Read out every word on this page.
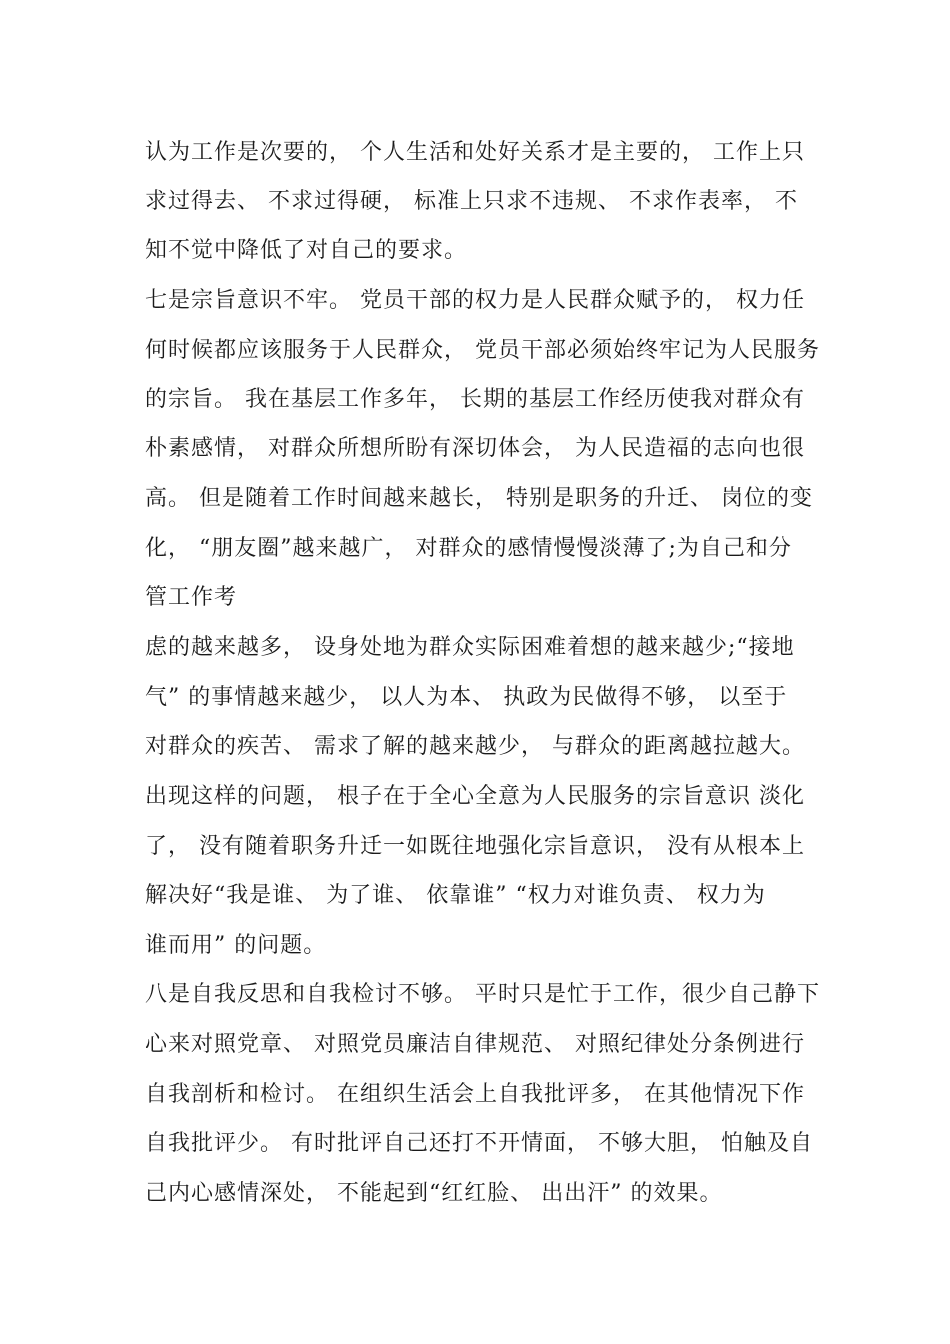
认为工作是次要的， 个人生活和处好关系才是主要的， 工作上只

求过得去、 不求过得硬， 标准上只求不违规、 不求作表率， 不

知不觉中降低了对自己的要求。

七是宗旨意识不牢。 党员干部的权力是人民群众赋予的， 权力任

何时候都应该服务于人民群众， 党员干部必须始终牢记为人民服务

的宗旨。 我在基层工作多年， 长期的基层工作经历使我对群众有

朴素感情， 对群众所想所盼有深切体会， 为人民造福的志向也很

高。 但是随着工作时间越来越长， 特别是职务的升迁、 岗位的变

化， “朋友圈”越来越广， 对群众的感情慢慢淡薄了;为自己和分

管工作考

虑的越来越多， 设身处地为群众实际困难着想的越来越少;“接地

气” 的事情越来越少， 以人为本、 执政为民做得不够， 以至于

对群众的疾苦、 需求了解的越来越少， 与群众的距离越拉越大。

出现这样的问题， 根子在于全心全意为人民服务的宗旨意识 淡化

了， 没有随着职务升迁一如既往地强化宗旨意识， 没有从根本上

解决好“我是谁、 为了谁、 依靠谁” “权力对谁负责、 权力为

谁而用” 的问题。

八是自我反思和自我检讨不够。 平时只是忙于工作，很少自己静下

心来对照党章、 对照党员廉洁自律规范、 对照纪律处分条例进行

自我剖析和检讨。 在组织生活会上自我批评多， 在其他情况下作

自我批评少。 有时批评自己还打不开情面， 不够大胆， 怕触及自

己内心感情深处， 不能起到“红红脸、 出出汗” 的效果。
